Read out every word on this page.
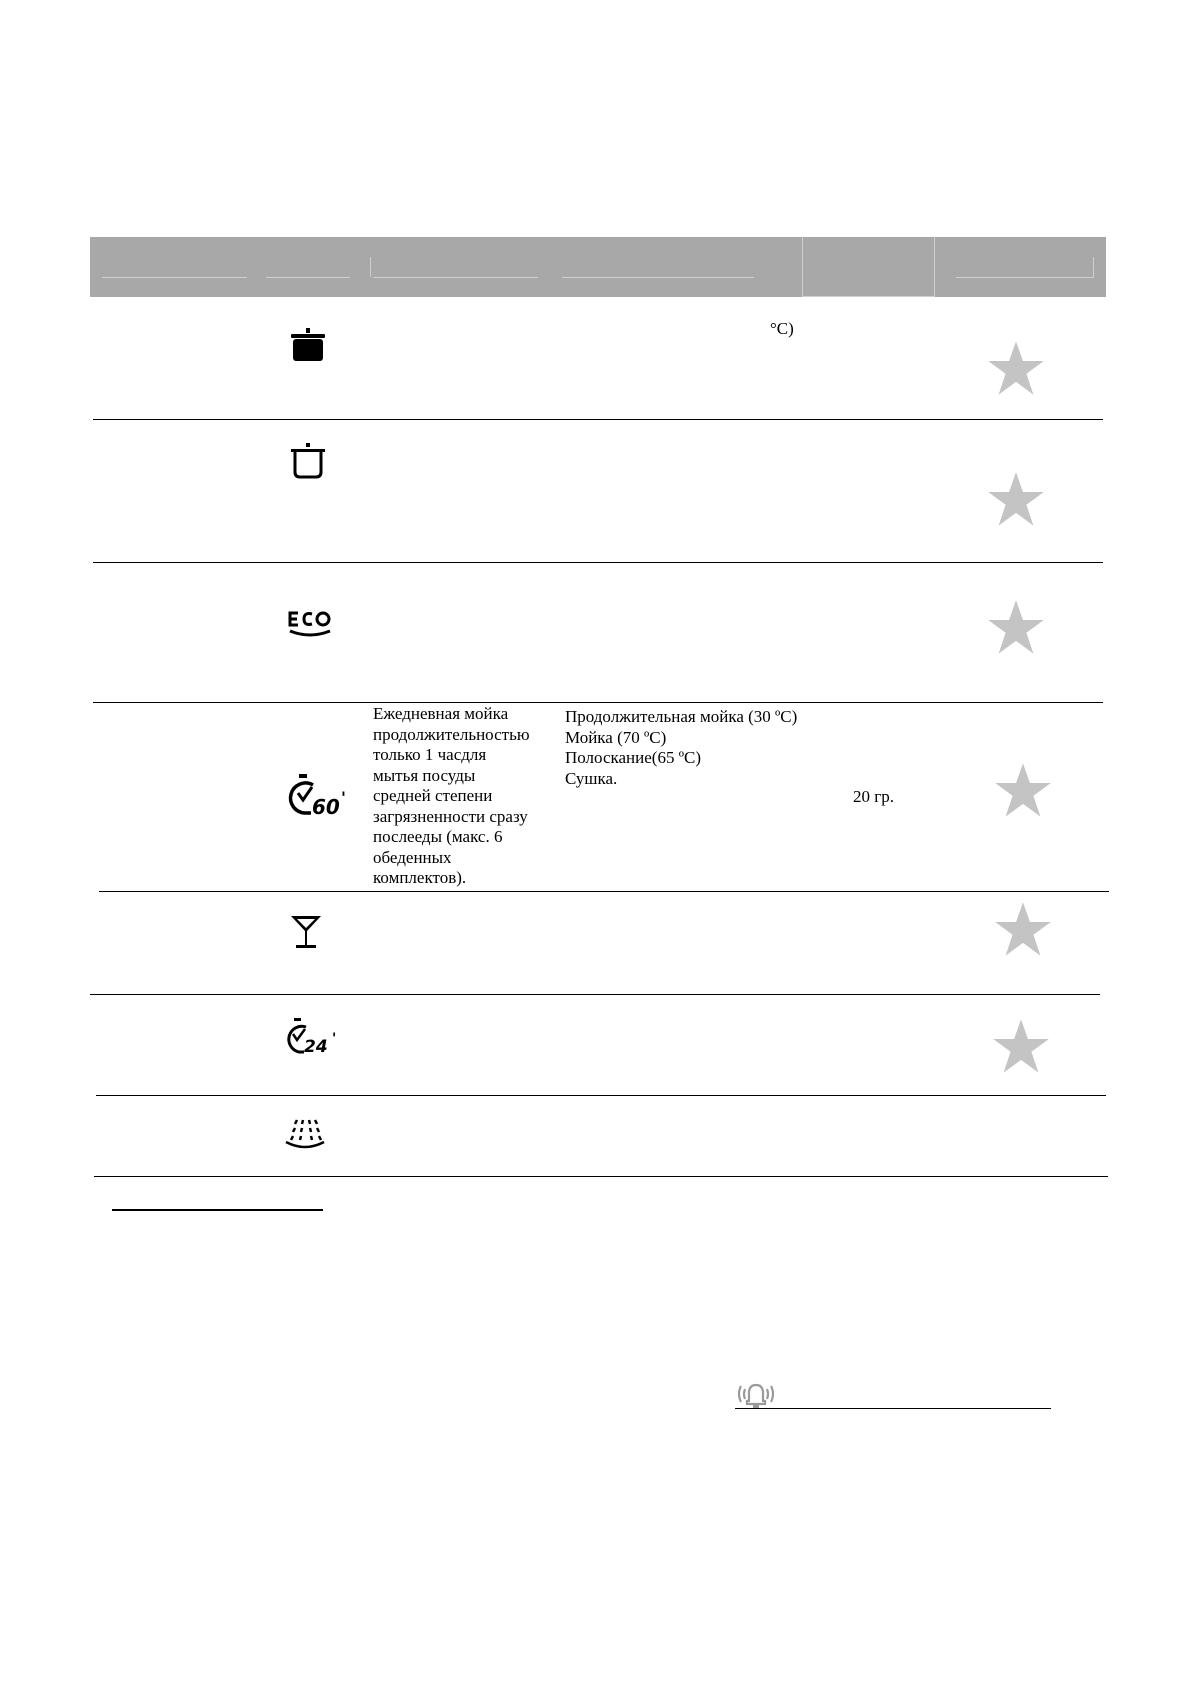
°C)
60 '
Ежедневная мойка
продолжительностью
только 1 часдля
мытья посуды
средней степени
загрязненности сразу
послееды (макс. 6
обеденных
комплектов).
Продолжительная мойка (30 ºC)
Мойка (70 ºC)
Полоскание(65 ºC)
Сушка.
20 гр.
24 '
